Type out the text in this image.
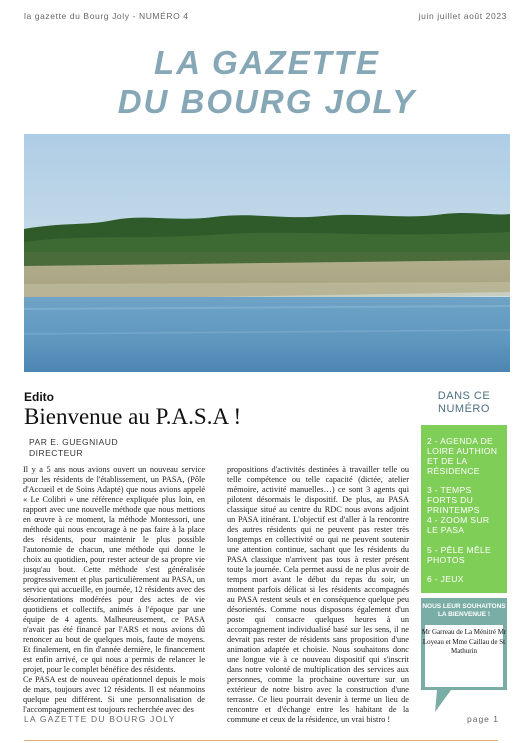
la gazette du Bourg Joly - NUMÉRO 4	juin juillet août 2023
LA GAZETTE
DU BOURG JOLY
Edito
Bienvenue au P.A.S.A !
PAR E. GUEGNIAUD
DIRECTEUR
Il y a 5 ans nous avions ouvert un nouveau service pour les résidents de l'établissement, un PASA, (Pôle d'Accueil et de Soins Adapté) que nous avions appelé « Le Colibri » une référence expliquée plus loin, en rapport avec une nouvelle méthode que nous mettions en œuvre à ce moment, la méthode Montessori, une méthode qui nous encourage à ne pas faire à la place des résidents, pour maintenir le plus possible l'autonomie de chacun, une méthode qui donne le choix au quotidien, pour rester acteur de sa propre vie jusqu'au bout. Cette méthode s'est généralisée progressivement et plus particulièrement au PASA, un service qui accueille, en journée, 12 résidents avec des désorientations modérées pour des actes de vie quotidiens et collectifs, animés à l'époque par une équipe de 4 agents. Malheureusement, ce PASA n'avait pas été financé par l'ARS et nous avions dû renoncer au bout de quelques mois, faute de moyens. Et finalement, en fin d'année dernière, le financement est enfin arrivé, ce qui nous a permis de relancer le projet, pour le complet bénéfice des résidents.
Ce PASA est de nouveau opérationnel depuis le mois de mars, toujours avec 12 résidents. Il est néanmoins quelque peu différent. Si une personnalisation de l'accompagnement est toujours recherchée avec des
propositions d'activités destinées à travailler telle ou telle compétence ou telle capacité (dictée, atelier mémoire, activité manuelles…) ce sont 3 agents qui pilotent désormais le dispositif. De plus, au PASA classique situé au centre du RDC nous avons adjoint un PASA itinérant. L'objectif est d'aller à la rencontre des autres résidents qui ne peuvent pas rester très longtemps en collectivité ou qui ne peuvent soutenir une attention continue, sachant que les résidents du PASA classique n'arrivent pas tous à rester présent toute la journée. Cela permet aussi de ne plus avoir de temps mort avant le début du repas du soir, un moment parfois délicat si les résidents accompagnés au PASA restent seuls et en conséquence quelque peu désorientés. Comme nous disposons également d'un poste qui consacre quelques heures à un accompagnement individualisé basé sur les sens, il ne devrait pas rester de résidents sans proposition d'une animation adaptée et choisie. Nous souhaitons donc une longue vie à ce nouveau dispositif qui s'inscrit dans notre volonté de multiplication des services aux personnes, comme la prochaine ouverture sur un extérieur de notre bistro avec la construction d'une terrasse. Ce lieu pourrait devenir à terme un lieu de rencontre et d'échange entre les habitant de la commune et ceux de la résidence, un vrai bistro !
DANS CE NUMÉRO
2 - AGENDA DE LOIRE AUTHION ET DE LA RÉSIDENCE
3 - TEMPS FORTS DU PRINTEMPS
4 - ZOOM SUR LE PASA
5 - PÊLE MÊLE PHOTOS
6 - JEUX
NOUS LEUR SOUHAITONS LA BIENVENUE !
Mr Garreau de La Ménitré Mr Loyeau et Mme Caillau de St Mathurin
LA GAZETTE DU BOURG JOLY	page 1
